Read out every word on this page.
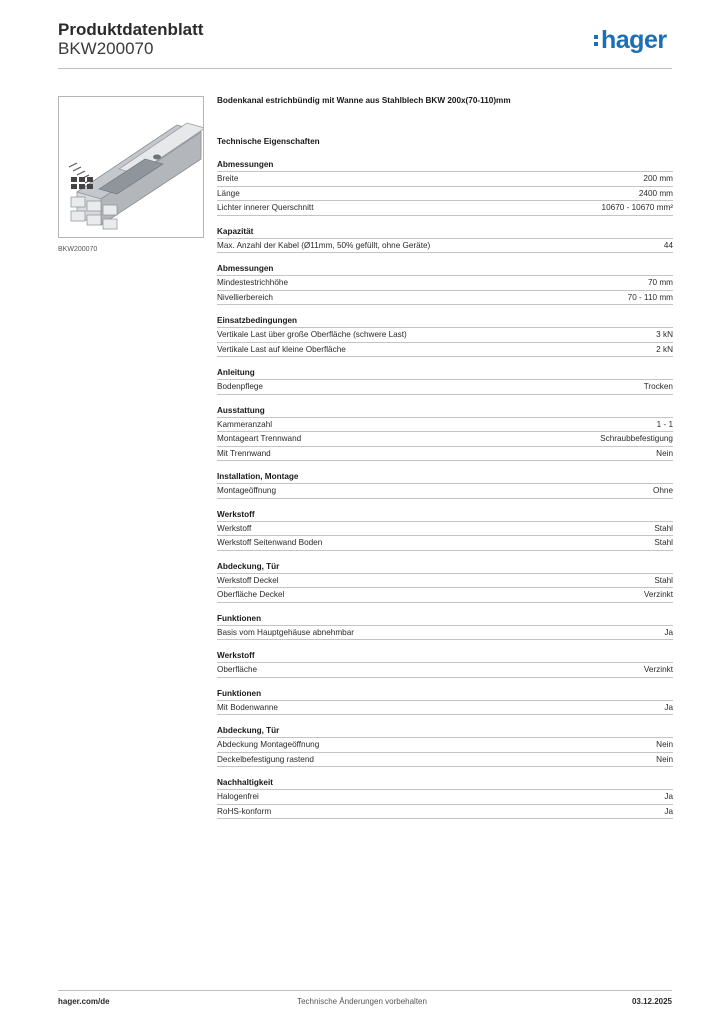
Produktdatenblatt
BKW200070	hager
BKW200070
Bodenkanal estrichbündig mit Wanne aus Stahlblech BKW 200x(70-110)mm
Technische Eigenschaften
Abmessungen
Breite	200 mm
Länge	2400 mm
Lichter innerer Querschnitt	10670 - 10670 mm²
Kapazität
Max. Anzahl der Kabel (Ø11mm, 50% gefüllt, ohne Geräte)	44
Abmessungen
Mindestestrichhöhe	70 mm
Nivellierbereich	70 - 110 mm
Einsatzbedingungen
Vertikale Last über große Oberfläche (schwere Last)	3 kN
Vertikale Last auf kleine Oberfläche	2 kN
Anleitung
Bodenpflege	Trocken
Ausstattung
Kammeranzahl	1 - 1
Montageart Trennwand	Schraubbefestigung
Mit Trennwand	Nein
Installation, Montage
Montageöffnung	Ohne
Werkstoff
Werkstoff	Stahl
Werkstoff Seitenwand Boden	Stahl
Abdeckung, Tür
Werkstoff Deckel	Stahl
Oberfläche Deckel	Verzinkt
Funktionen
Basis vom Hauptgehäuse abnehmbar	Ja
Werkstoff
Oberfläche	Verzinkt
Funktionen
Mit Bodenwanne	Ja
Abdeckung, Tür
Abdeckung Montageöffnung	Nein
Deckelbefestigung rastend	Nein
Nachhaltigkeit
Halogenfrei	Ja
RoHS-konform	Ja
hager.com/de	Technische Änderungen vorbehalten	03.12.2025
